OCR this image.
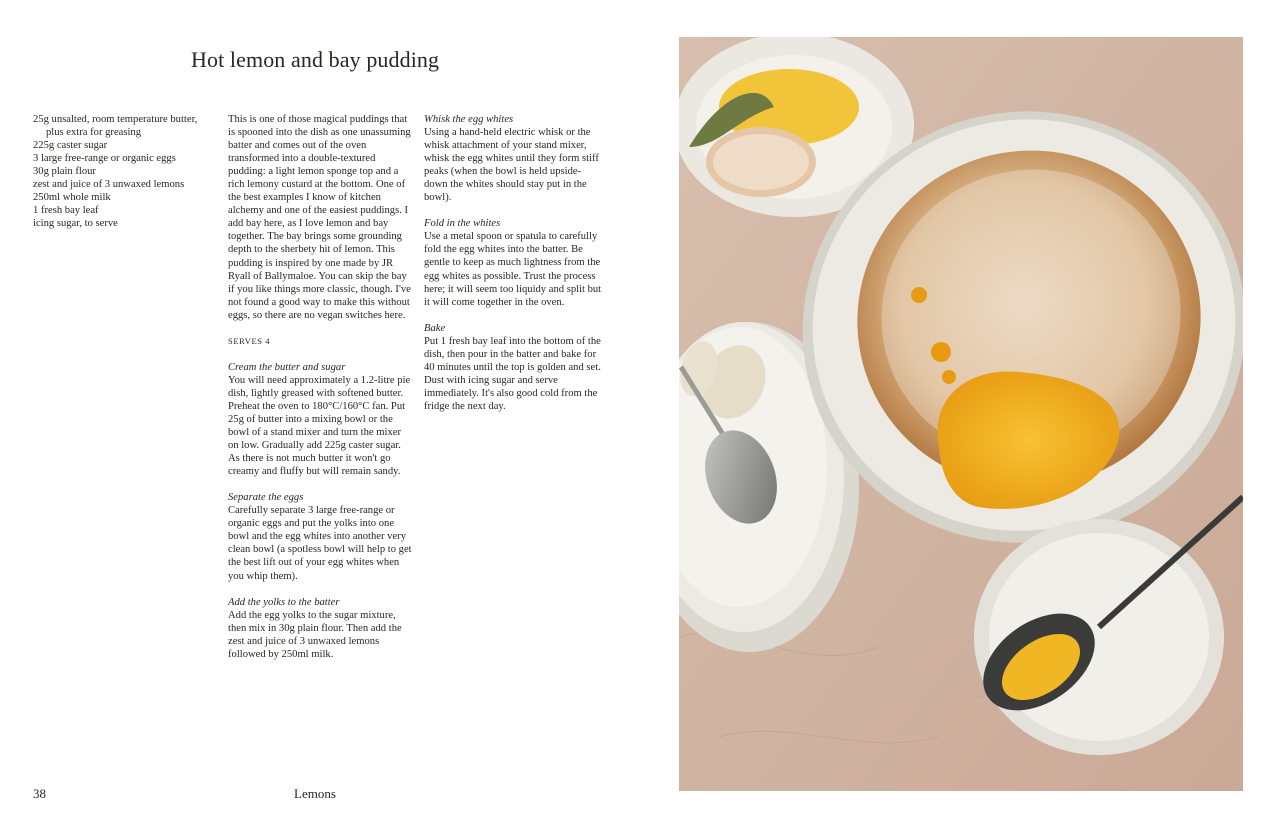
Hot lemon and bay pudding

25g unsalted, room temperature butter, plus extra for greasing

225g caster sugar

3 large free-range or organic eggs

30g plain flour

zest and juice of 3 unwaxed lemons

250ml whole milk

1 fresh bay leaf

icing sugar, to serve

This is one of those magical puddings that is spooned into the dish as one unassuming batter and comes out of the oven transformed into a double-textured pudding: a light lemon sponge top and a rich lemony custard at the bottom. One of the best examples I know of kitchen alchemy and one of the easiest puddings. I add bay here, as I love lemon and bay together. The bay brings some grounding depth to the sherbety hit of lemon. This pudding is inspired by one made by JR Ryall of Ballymaloe. You can skip the bay if you like things more classic, though. I've not found a good way to make this without eggs, so there are no vegan switches here.

SERVES 4

Cream the butter and sugar

You will need approximately a 1.2-litre pie dish, lightly greased with softened butter. Preheat the oven to 180°C/160°C fan. Put 25g of butter into a mixing bowl or the bowl of a stand mixer and turn the mixer on low. Gradually add 225g caster sugar. As there is not much butter it won't go creamy and fluffy but will remain sandy.

Separate the eggs

Carefully separate 3 large free-range or organic eggs and put the yolks into one bowl and the egg whites into another very clean bowl (a spotless bowl will help to get the best lift out of your egg whites when you whip them).

Add the yolks to the batter

Add the egg yolks to the sugar mixture, then mix in 30g plain flour. Then add the zest and juice of 3 unwaxed lemons followed by 250ml milk.

Whisk the egg whites

Using a hand-held electric whisk or the whisk attachment of your stand mixer, whisk the egg whites until they form stiff peaks (when the bowl is held upside-down the whites should stay put in the bowl).

Fold in the whites

Use a metal spoon or spatula to carefully fold the egg whites into the batter. Be gentle to keep as much lightness from the egg whites as possible. Trust the process here; it will seem too liquidy and split but it will come together in the oven.

Bake

Put 1 fresh bay leaf into the bottom of the dish, then pour in the batter and bake for 40 minutes until the top is golden and set. Dust with icing sugar and serve immediately. It's also good cold from the fridge the next day.

38	Lemons
